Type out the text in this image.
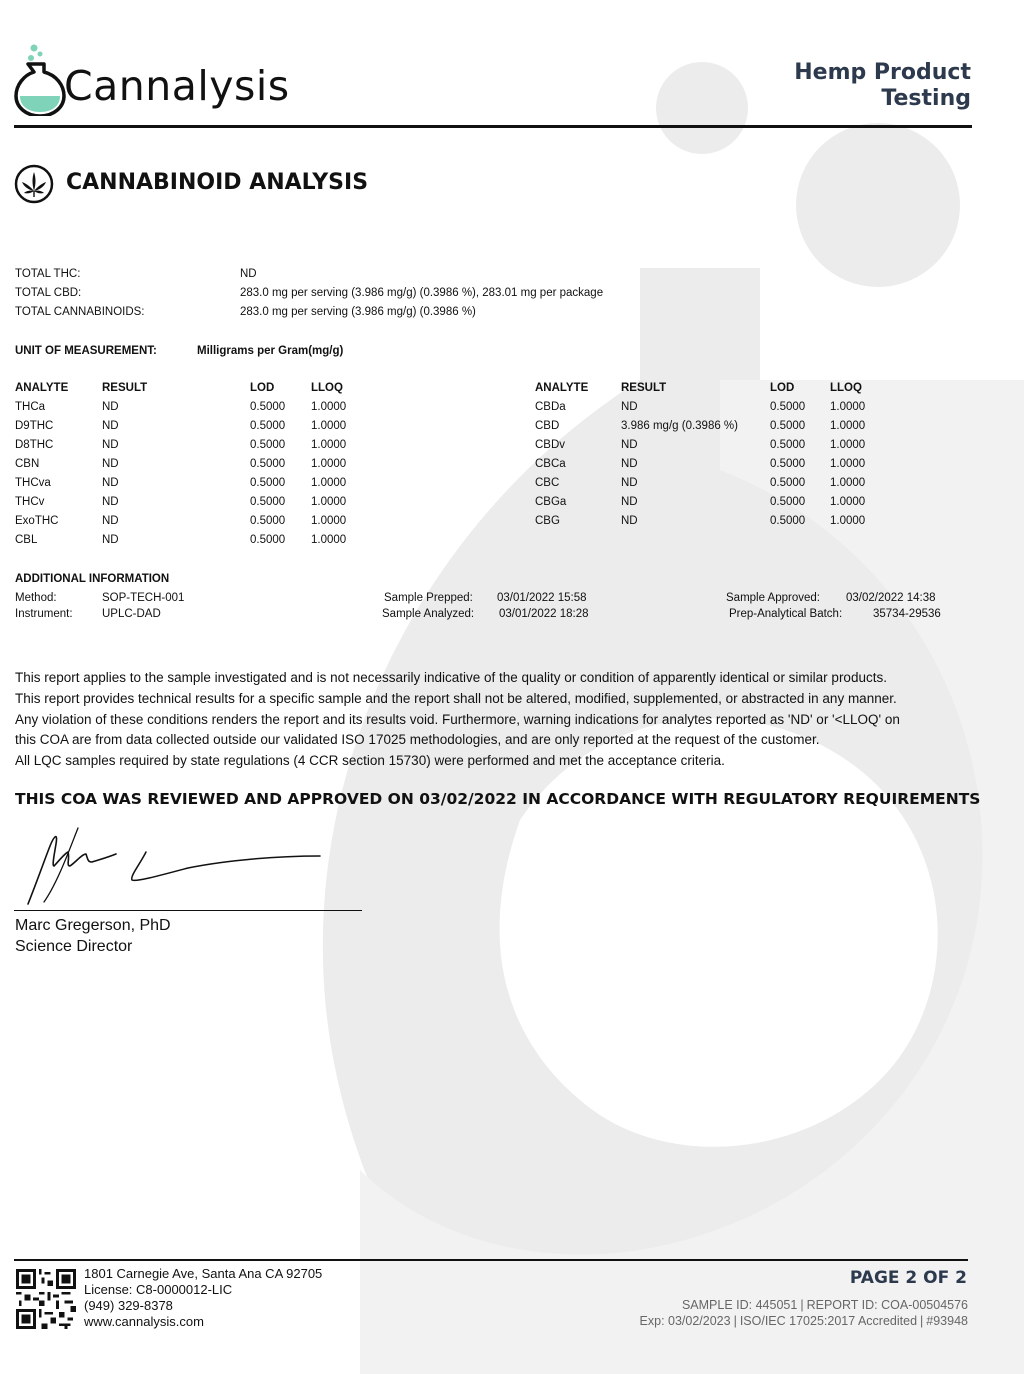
Cannalysis	Hemp Product
Testing
CANNABINOID ANALYSIS
TOTAL THC:	ND
TOTAL CBD:	283.0 mg per serving (3.986 mg/g) (0.3986 %), 283.01 mg per package
TOTAL CANNABINOIDS:	283.0 mg per serving (3.986 mg/g) (0.3986 %)
UNIT OF MEASUREMENT:	Milligrams per Gram(mg/g)
ANALYTE	RESULT	LOD	LLOQ	ANALYTE	RESULT	LOD	LLOQ
THCa	ND	0.5000 1.0000
D9THC	ND	0.5000 1.0000
D8THC	ND	0.5000 1.0000
CBN	ND	0.5000 1.0000
THCva	ND	0.5000 1.0000
THCv	ND	0.5000 1.0000
ExoTHC	ND	0.5000 1.0000
CBL	ND	0.5000 1.0000
CBDa	ND	0.5000 1.0000
CBD	3.986 mg/g (0.3986 %)	0.5000 1.0000
CBDv	ND	0.5000 1.0000
CBCa	ND	0.5000 1.0000
CBC	ND	0.5000 1.0000
CBGa	ND	0.5000 1.0000
CBG	ND	0.5000 1.0000
ADDITIONAL INFORMATION
Method:	SOP-TECH-001
Instrument:	UPLC-DAD
Sample Prepped: 03/01/2022 15:58
Sample Analyzed: 03/01/2022 18:28
Sample Approved: 03/02/2022 14:38
Prep-Analytical Batch:	35734-29536

This report applies to the sample investigated and is not necessarily indicative of the quality or condition of apparently identical or similar products.

This report provides technical results for a specific sample and the report shall not be altered, modified, supplemented, or abstracted in any manner.

Any violation of these conditions renders the report and its results void. Furthermore, warning indications for analytes reported as 'ND' or '<LLOQ' on

this COA are from data collected outside our validated ISO 17025 methodologies, and are only reported at the request of the customer.

All LQC samples required by state regulations (4 CCR section 15730) were performed and met the acceptance criteria.

THIS COA WAS REVIEWED AND APPROVED ON 03/02/2022 IN ACCORDANCE WITH REGULATORY REQUIREMENTS
Marc Gregerson, PhD
Science Director
1801 Carnegie Ave, Santa Ana CA 92705
License: C8-0000012-LIC
(949) 329-8378
www.cannalysis.com
PAGE 2 OF 2
SAMPLE ID: 445051 | REPORT ID: COA-00504576
Exp: 03/02/2023 | ISO/IEC 17025:2017 Accredited | #93948
